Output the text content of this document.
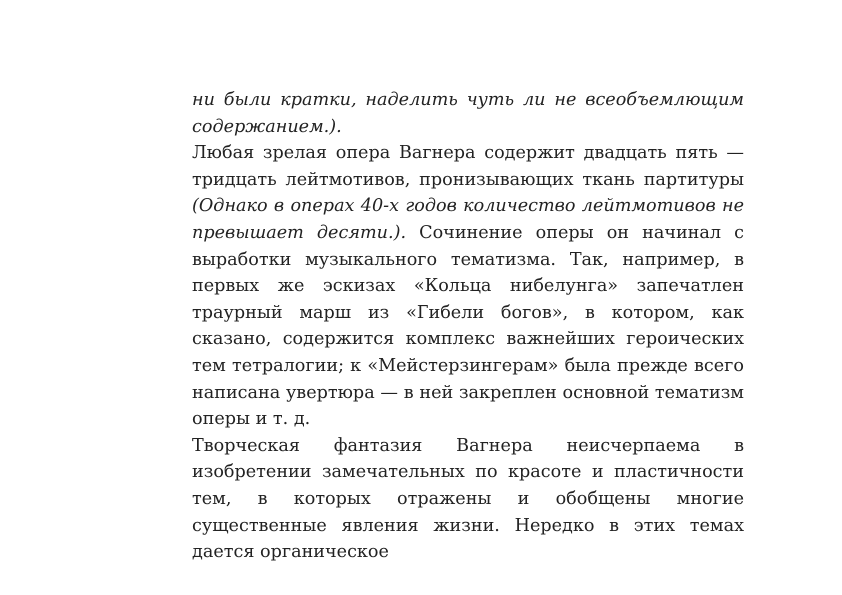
ни были кратки, наделить чуть ли не всеобъемлющим содержанием.).

Любая зрелая опера Вагнера содержит двадцать пять — тридцать лейтмотивов, пронизывающих ткань партитуры (Однако в операх 40-х годов количество лейтмотивов не превышает десяти.). Сочинение оперы он начинал с выработки музыкального тематизма. Так, например, в первых же эскизах «Кольца нибелунга» запечатлен траурный марш из «Гибели богов», в котором, как сказано, содержится комплекс важнейших героических тем тетралогии; к «Мейстерзингерам» была прежде всего написана увертюра — в ней закреплен основной тематизм оперы и т. д.

Творческая фантазия Вагнера неисчерпаема в изобретении замечательных по красоте и пластичности тем, в которых отражены и обобщены многие существенные явления жизни. Нередко в этих темах дается органическое
